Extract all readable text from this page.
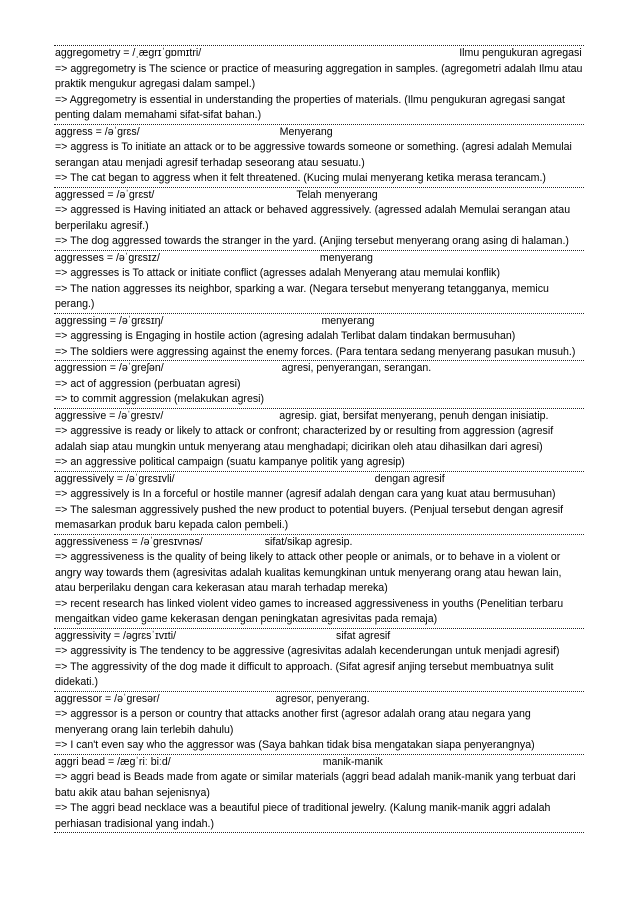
aggregometry = /ˌæɡrɪˈɡɒmɪtri/	Ilmu pengukuran agregasi
=> aggregometry is The science or practice of measuring aggregation in samples. (agregometri adalah Ilmu atau praktik mengukur agregasi dalam sampel.)
=> Aggregometry is essential in understanding the properties of materials. (Ilmu pengukuran agregasi sangat penting dalam memahami sifat-sifat bahan.)
aggress = /əˈɡrɛs/	Menyerang
=> aggress is To initiate an attack or to be aggressive towards someone or something. (agresi adalah Memulai serangan atau menjadi agresif terhadap seseorang atau sesuatu.)
=> The cat began to aggress when it felt threatened. (Kucing mulai menyerang ketika merasa terancam.)
aggressed = /əˈɡrɛst/	Telah menyerang
=> aggressed is Having initiated an attack or behaved aggressively. (agressed adalah Memulai serangan atau berperilaku agresif.)
=> The dog aggressed towards the stranger in the yard. (Anjing tersebut menyerang orang asing di halaman.)
aggresses = /əˈɡrɛsɪz/	menyerang
=> aggresses is To attack or initiate conflict (agresses adalah Menyerang atau memulai konflik)
=> The nation aggresses its neighbor, sparking a war. (Negara tersebut menyerang tetangganya, memicu perang.)
aggressing = /əˈɡrɛsɪŋ/	menyerang
=> aggressing is Engaging in hostile action (agresing adalah Terlibat dalam tindakan bermusuhan)
=> The soldiers were aggressing against the enemy forces. (Para tentara sedang menyerang pasukan musuh.)
aggression = /əˈɡreʃən/	agresi, penyerangan, serangan.
=> act of aggression (perbuatan agresi)
=> to commit aggression (melakukan agresi)
aggressive = /əˈɡresɪv/	agresip. giat, bersifat menyerang, penuh dengan inisiatip.
=> aggressive is ready or likely to attack or confront; characterized by or resulting from aggression (agresif adalah siap atau mungkin untuk menyerang atau menghadapi; dicirikan oleh atau dihasilkan dari agresi)
=> an aggressive political campaign (suatu kampanye politik yang agresip)
aggressively = /əˈɡrɛsɪvli/	dengan agresif
=> aggressively is In a forceful or hostile manner (agresif adalah dengan cara yang kuat atau bermusuhan)
=> The salesman aggressively pushed the new product to potential buyers. (Penjual tersebut dengan agresif memasarkan produk baru kepada calon pembeli.)
aggressiveness = /əˈɡresɪvnəs/	sifat/sikap agresip.
=> aggressiveness is the quality of being likely to attack other people or animals, or to behave in a violent or angry way towards them (agresivitas adalah kualitas kemungkinan untuk menyerang orang atau hewan lain, atau berperilaku dengan cara kekerasan atau marah terhadap mereka)
=> recent research has linked violent video games to increased aggressiveness in youths (Penelitian terbaru mengaitkan video game kekerasan dengan peningkatan agresivitas pada remaja)
aggressivity = /əɡrɛsˈɪvɪti/	sifat agresif
=> aggressivity is The tendency to be aggressive (agresivitas adalah kecenderungan untuk menjadi agresif)
=> The aggressivity of the dog made it difficult to approach. (Sifat agresif anjing tersebut membuatnya sulit didekati.)
aggressor = /əˈɡresər/	agresor, penyerang.
=> aggressor is a person or country that attacks another first (agresor adalah orang atau negara yang menyerang orang lain terlebih dahulu)
=> I can't even say who the aggressor was (Saya bahkan tidak bisa mengatakan siapa penyerangnya)
aggri bead = /æɡˈriː biːd/	manik-manik
=> aggri bead is Beads made from agate or similar materials (aggri bead adalah manik-manik yang terbuat dari batu akik atau bahan sejenisnya)
=> The aggri bead necklace was a beautiful piece of traditional jewelry. (Kalung manik-manik aggri adalah perhiasan tradisional yang indah.)
